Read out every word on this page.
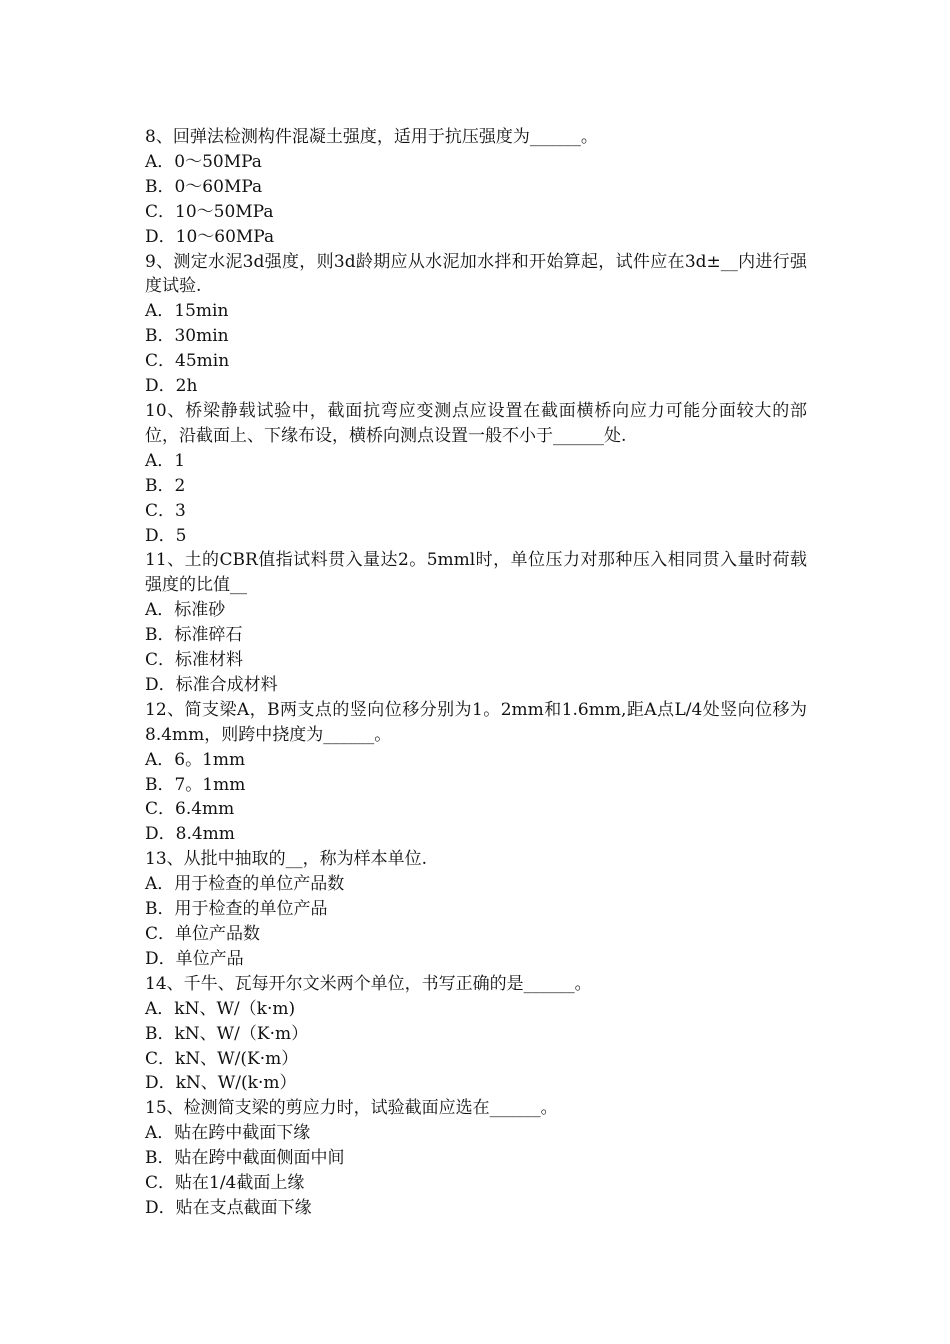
8、回弹法检测构件混凝土强度，适用于抗压强度为______。
A．0～50MPa
B．0～60MPa
C．10～50MPa
D．10～60MPa
9、测定水泥3d强度，则3d龄期应从水泥加水拌和开始算起，试件应在3d±__内进行强度试验.
A．15min
B．30min
C．45min
D．2h
10、桥梁静载试验中，截面抗弯应变测点应设置在截面横桥向应力可能分面较大的部位，沿截面上、下缘布设，横桥向测点设置一般不小于______处.
A．1
B．2
C．3
D．5
11、土的CBR值指试料贯入量达2。5mml时，单位压力对那种压入相同贯入量时荷载强度的比值__
A．标准砂
B．标准碎石
C．标准材料
D．标准合成材料
12、简支梁A，B两支点的竖向位移分别为1。2mm和1.6mm,距A点L/4处竖向位移为8.4mm，则跨中挠度为______。
A．6。1mm
B．7。1mm
C．6.4mm
D．8.4mm
13、从批中抽取的__，称为样本单位.
A．用于检查的单位产品数
B．用于检查的单位产品
C．单位产品数
D．单位产品
14、千牛、瓦每开尔文米两个单位，书写正确的是______。
A．kN、W/（k·m)
B．kN、W/（K·m）
C．kN、W/(K·m）
D．kN、W/(k·m）
15、检测简支梁的剪应力时，试验截面应选在______。
A．贴在跨中截面下缘
B．贴在跨中截面侧面中间
C．贴在1/4截面上缘
D．贴在支点截面下缘
